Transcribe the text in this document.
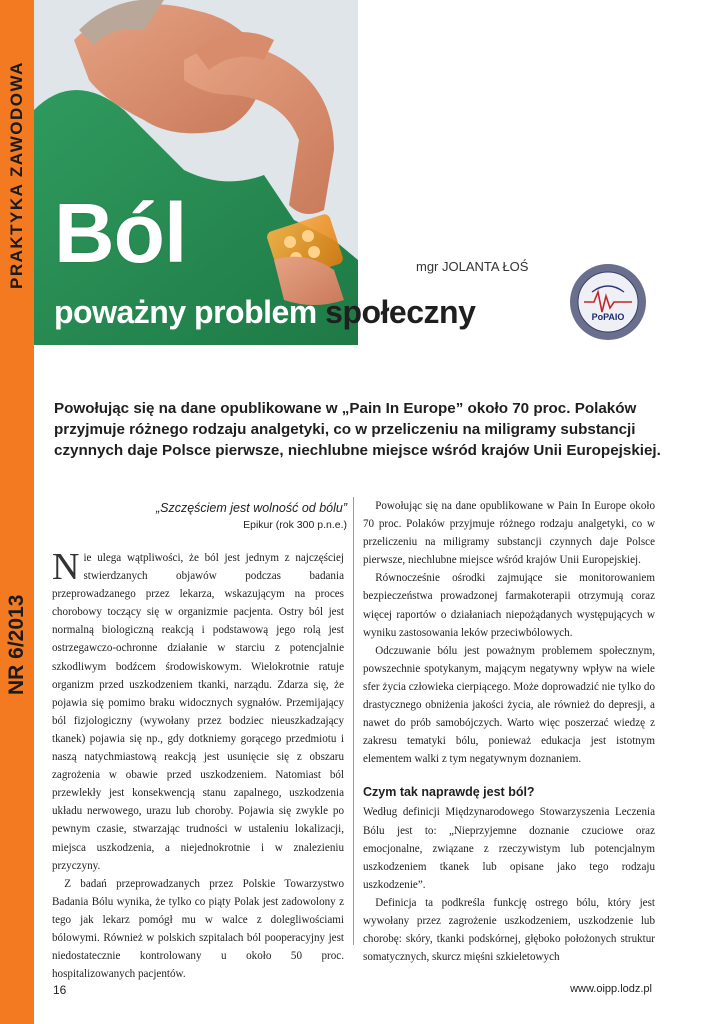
PRAKTYKA ZAWODOWA
NR 6/2013
Ból
poważny problem społeczny
mgr JOLANTA ŁOŚ
PoPAIO
Powołując się na dane opublikowane w „Pain In Europe” około 70 proc. Polaków przyjmuje różnego rodzaju analgetyki, co w przeliczeniu na miligramy substancji czynnych daje Polsce pierwsze, niechlubne miejsce wśród krajów Unii Europejskiej.
„Szczęściem jest wolność od bólu”
Epikur (rok 300 p.n.e.)

Nie ulega wątpliwości, że ból jest jednym z najczęściej stwierdzanych objawów podczas badania przeprowadzanego przez lekarza, wskazującym na proces chorobowy toczący się w organizmie pacjenta. Ostry ból jest normalną biologiczną reakcją i podstawową jego rolą jest ostrzegawczo-ochronne działanie w starciu z potencjalnie szkodliwym bodźcem środowiskowym. Wielokrotnie ratuje organizm przed uszkodzeniem tkanki, narządu. Zdarza się, że pojawia się pomimo braku widocznych sygnałów. Przemijający ból fizjologiczny (wywołany przez bodziec nieuszkadzający tkanek) pojawia się np., gdy dotkniemy gorącego przedmiotu i naszą natychmiastową reakcją jest usunięcie się z obszaru zagrożenia w obawie przed uszkodzeniem. Natomiast ból przewlekły jest konsekwencją stanu zapalnego, uszkodzenia układu nerwowego, urazu lub choroby. Pojawia się zwykle po pewnym czasie, stwarzając trudności w ustaleniu lokalizacji, miejsca uszkodzenia, a niejednokrotnie i w znalezieniu przyczyny.

Z badań przeprowadzanych przez Polskie Towarzystwo Badania Bólu wynika, że tylko co piąty Polak jest zadowolony z tego jak lekarz pomógł mu w walce z dolegliwościami bólowymi. Również w polskich szpitalach ból pooperacyjny jest niedostatecznie kontrolowany u około 50 proc. hospitalizowanych pacjentów.

Powołując się na dane opublikowane w Pain In Europe około 70 proc. Polaków przyjmuje różnego rodzaju analgetyki, co w przeliczeniu na miligramy substancji czynnych daje Polsce pierwsze, niechlubne miejsce wśród krajów Unii Europejskiej.

Równocześnie ośrodki zajmujące sie monitorowaniem bezpieczeństwa prowadzonej farmakoterapii otrzymują coraz więcej raportów o działaniach niepożądanych występujących w wyniku zastosowania leków przeciwbólowych.

Odczuwanie bólu jest poważnym problemem społecznym, powszechnie spotykanym, mającym negatywny wpływ na wiele sfer życia człowieka cierpiącego. Może doprowadzić nie tylko do drastycznego obniżenia jakości życia, ale również do depresji, a nawet do prób samobójczych. Warto więc poszerzać wiedzę z zakresu tematyki bólu, ponieważ edukacja jest istotnym elementem walki z tym negatywnym doznaniem.

Czym tak naprawdę jest ból?

Według definicji Międzynarodowego Stowarzyszenia Leczenia Bólu jest to: „Nieprzyjemne doznanie czuciowe oraz emocjonalne, związane z rzeczywistym lub potencjalnym uszkodzeniem tkanek lub opisane jako tego rodzaju uszkodzenie”.

Definicja ta podkreśla funkcję ostrego bólu, który jest wywołany przez zagrożenie uszkodzeniem, uszkodzenie lub chorobę: skóry, tkanki podskórnej, głęboko położonych struktur somatycznych, skurcz mięśni szkieletowych

16	www.oipp.lodz.pl
